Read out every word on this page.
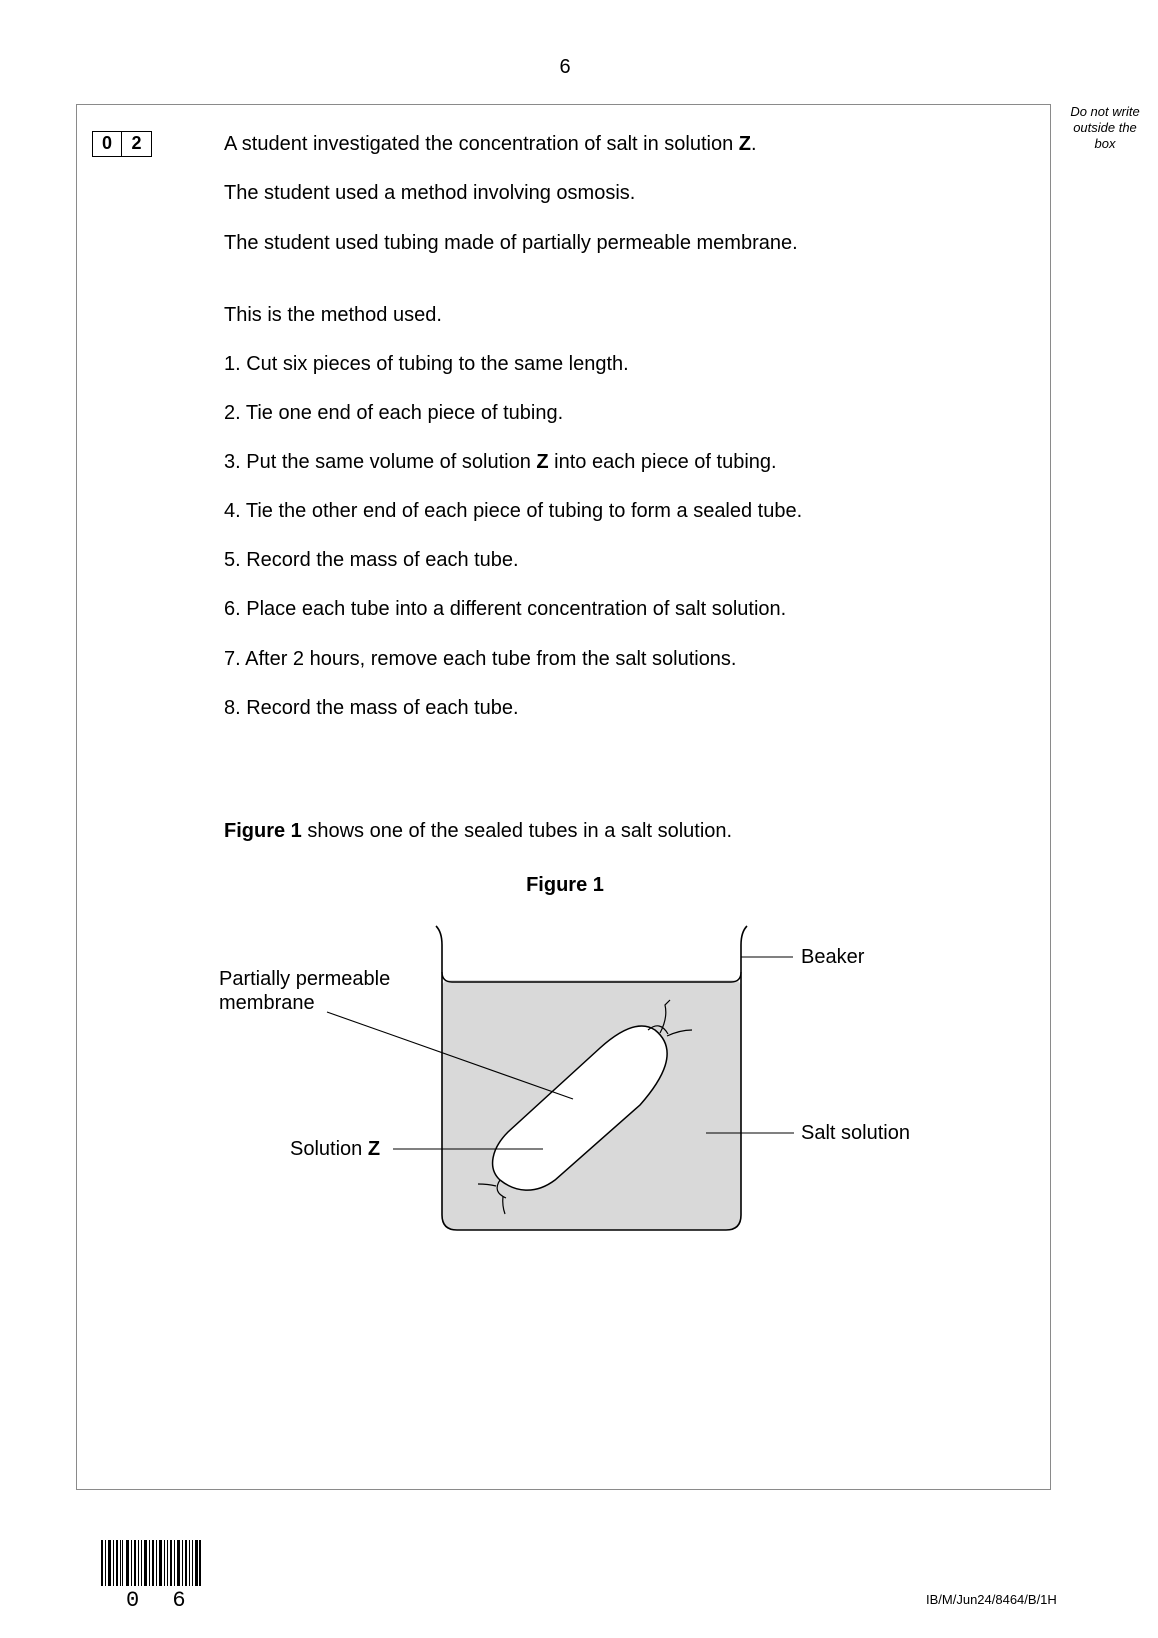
6
Do not write
outside the
box
0	2	A student investigated the concentration of salt in solution Z.
The student used a method involving osmosis.
The student used tubing made of partially permeable membrane.
This is the method used.
1. Cut six pieces of tubing to the same length.
2. Tie one end of each piece of tubing.
3. Put the same volume of solution Z into each piece of tubing.
4. Tie the other end of each piece of tubing to form a sealed tube.
5. Record the mass of each tube.
6. Place each tube into a different concentration of salt solution.
7. After 2 hours, remove each tube from the salt solutions.
8. Record the mass of each tube.
Figure 1 shows one of the sealed tubes in a salt solution.
Figure 1
Beaker
Partially permeable
membrane
Solution Z
Salt solution
0 6	IB/M/Jun24/8464/B/1H
